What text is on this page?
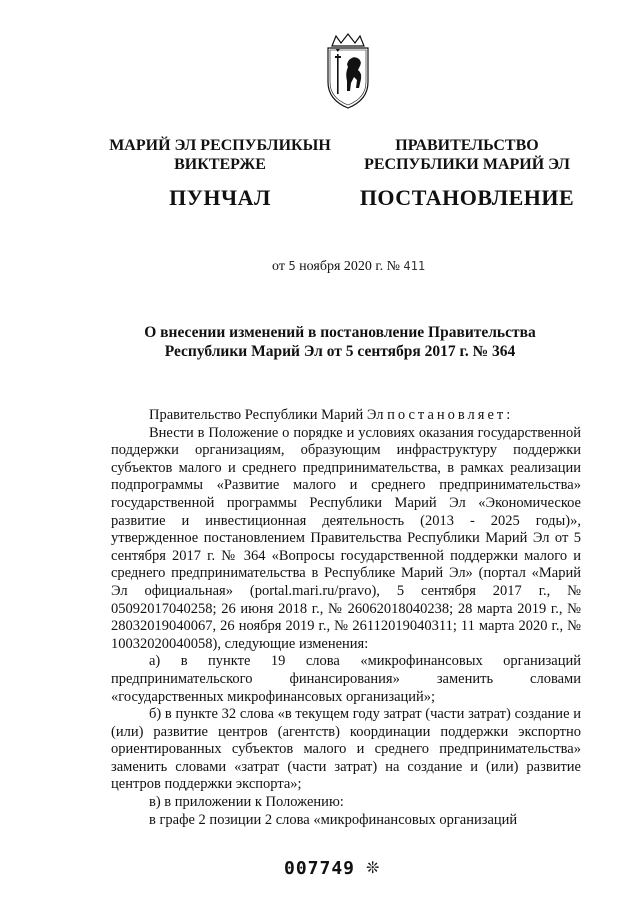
МАРИЙ ЭЛ РЕСПУБЛИКЫН
ВИКТЕРЖЕ
ПУНЧАЛ
ПРАВИТЕЛЬСТВО
РЕСПУБЛИКИ МАРИЙ ЭЛ
ПОСТАНОВЛЕНИЕ
от 5 ноября 2020 г. № 411
О внесении изменений в постановление Правительства
Республики Марий Эл от 5 сентября 2017 г. № 364

Правительство Республики Марий Эл постановляет:

Внести в Положение о порядке и условиях оказания государственной поддержки организациям, образующим инфраструктуру поддержки субъектов малого и среднего предпринимательства, в рамках реализации подпрограммы «Развитие малого и среднего предпринимательства» государственной программы Республики Марий Эл «Экономическое развитие и инвестиционная деятельность (2013 - 2025 годы)», утвержденное постановлением Правительства Республики Марий Эл от 5 сентября 2017 г. № 364 «Вопросы государственной поддержки малого и среднего предпринимательства в Республике Марий Эл» (портал «Марий Эл официальная» (portal.mari.ru/pravo), 5 сентября 2017 г., № 05092017040258; 26 июня 2018 г., № 26062018040238; 28 марта 2019 г., № 28032019040067, 26 ноября 2019 г., № 26112019040311; 11 марта 2020 г., № 10032020040058), следующие изменения:

а) в пункте 19 слова «микрофинансовых организаций предпринимательского финансирования» заменить словами «государственных микрофинансовых организаций»;

б) в пункте 32 слова «в текущем году затрат (части затрат) создание и (или) развитие центров (агентств) координации поддержки экспортно ориентированных субъектов малого и среднего предпринимательства» заменить словами «затрат (части затрат) на создание и (или) развитие центров поддержки экспорта»;

в) в приложении к Положению:

в графе 2 позиции 2 слова «микрофинансовых организаций

007749 ❊
